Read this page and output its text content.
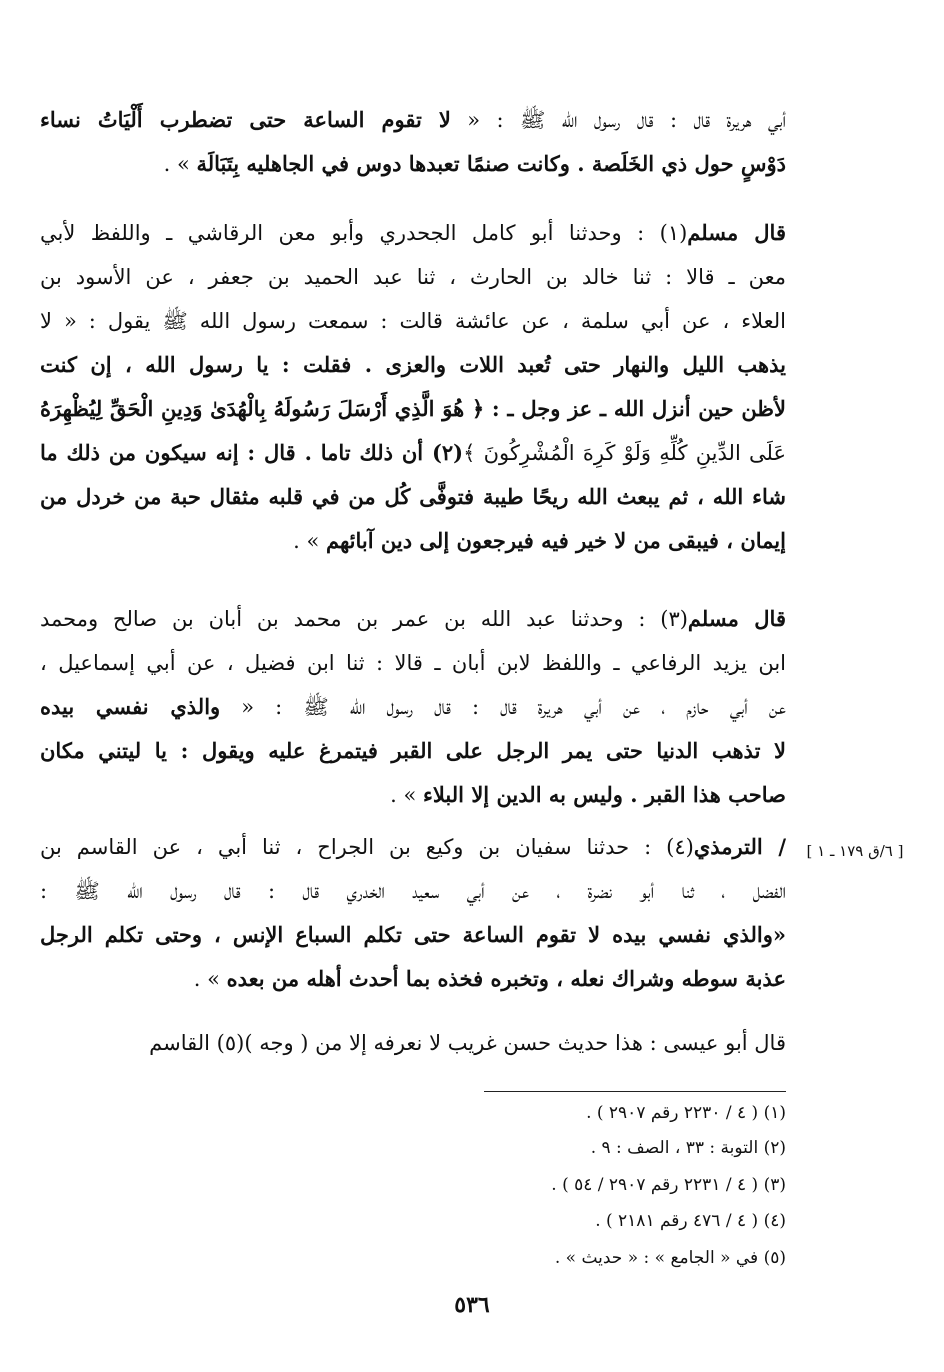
أبي هريرة قال : قال رسول الله ﷺ : « لا تقوم الساعة حتى تضطرب أَلْيَاتُ نساء
دَوْسٍ حول ذي الخَلَصة . وكانت صنمًا تعبدها دوس في الجاهليه بِتَبَالَة » .
قال مسلم(١) : وحدثنا أبو كامل الجحدري وأبو معن الرقاشي ـ واللفظ لأبي
معن ـ قالا : ثنا خالد بن الحارث ، ثنا عبد الحميد بن جعفر ، عن الأسود بن
العلاء ، عن أبي سلمة ، عن عائشة قالت : سمعت رسول الله ﷺ يقول : « لا
يذهب الليل والنهار حتى تُعبد اللات والعزى . فقلت : يا رسول الله ، إن كنت
لأظن حين أنزل الله ـ عز وجل ـ : ﴿ هُوَ الَّذِي أَرْسَلَ رَسُولَهُ بِالْهُدَىٰ وَدِينِ الْحَقِّ لِيُظْهِرَهُ
عَلَى الدِّينِ كُلِّهِ وَلَوْ كَرِهَ الْمُشْرِكُونَ ﴾(٢) أن ذلك تاما . قال : إنه سيكون من ذلك ما
شاء الله ، ثم يبعث الله ريحًا طيبة فتوفَّى كُل من في قلبه مثقال حبة من خردل من
إيمان ، فيبقى من لا خير فيه فيرجعون إلى دين آبائهم » .
قال مسلم(٣) : وحدثنا عبد الله بن عمر بن محمد بن أبان بن صالح ومحمد
ابن يزيد الرفاعي ـ واللفظ لابن أبان ـ قالا : ثنا ابن فضيل ، عن أبي إسماعيل ،
عن أبي حازم ، عن أبي هريرة قال : قال رسول الله ﷺ : « والذي نفسي بيده
لا تذهب الدنيا حتى يمر الرجل على القبر فيتمرغ عليه ويقول : يا ليتني مكان
صاحب هذا القبر . وليس به الدين إلا البلاء » .
/ الترمذي(٤) : حدثنا سفيان بن وكيع بن الجراح ، ثنا أبي ، عن القاسم بن
الفضل ، ثنا أبو نضرة ، عن أبي سعيد الخدري قال : قال رسول الله ﷺ :
«والذي نفسي بيده لا تقوم الساعة حتى تكلم السباع الإنس ، وحتى تكلم الرجل
عذبة سوطه وشراك نعله ، وتخبره فخذه بما أحدث أهله من بعده » .
قال أبو عيسى : هذا حديث حسن غريب لا نعرفه إلا من ( وجه )(٥) القاسم
[ ٦/ق ١٧٩ ـ ١ ]
(١) ( ٤ / ٢٢٣٠ رقم ٢٩٠٧ ) .
(٢) التوبة : ٣٣ ، الصف : ٩ .
(٣) ( ٤ / ٢٢٣١ رقم ٢٩٠٧ / ٥٤ ) .
(٤) ( ٤ / ٤٧٦ رقم ٢١٨١ ) .
(٥) في « الجامع » : « حديث » .
٥٣٦
